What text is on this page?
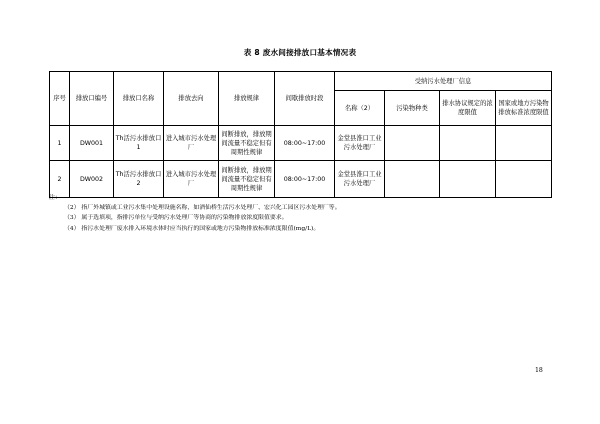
表 8 废水间接排放口基本情况表
序号	排放口编号	排放口名称	排放去向	排放规律	间歇排放时段	受纳污水处理厂信息			
						名称（2）	污染物种类	排水协议规定的浓度限值	国家或地方污染物排放标准浓度限值
1	DW001	Th活污水排放口 1	进入城市污水处理厂	间断排放，排放期间流量不稳定但有周期性规律	08:00~17:00	金堂县淮口工业污水处理厂			
2	DW002	Th活污水排放口 2	进入城市污水处理厂	间断排放，排放期间流量不稳定但有周期性规律	08:00~17:00	金堂县淮口工业污水处理厂			
注：
（2） 指厂外城镇或工业污水集中处理设施名称，如酒仙桥生活污水处理厂、宏兴化工园区污水处理厂等。
（3） 属于选填项，指排污单位与受纳污水处理厂等协商的污染物排放浓度限值要求。
（4） 指污水处理厂废水排入环境水体时应当执行的国家或地方污染物排放标准浓度限值(mg/L)。
18
